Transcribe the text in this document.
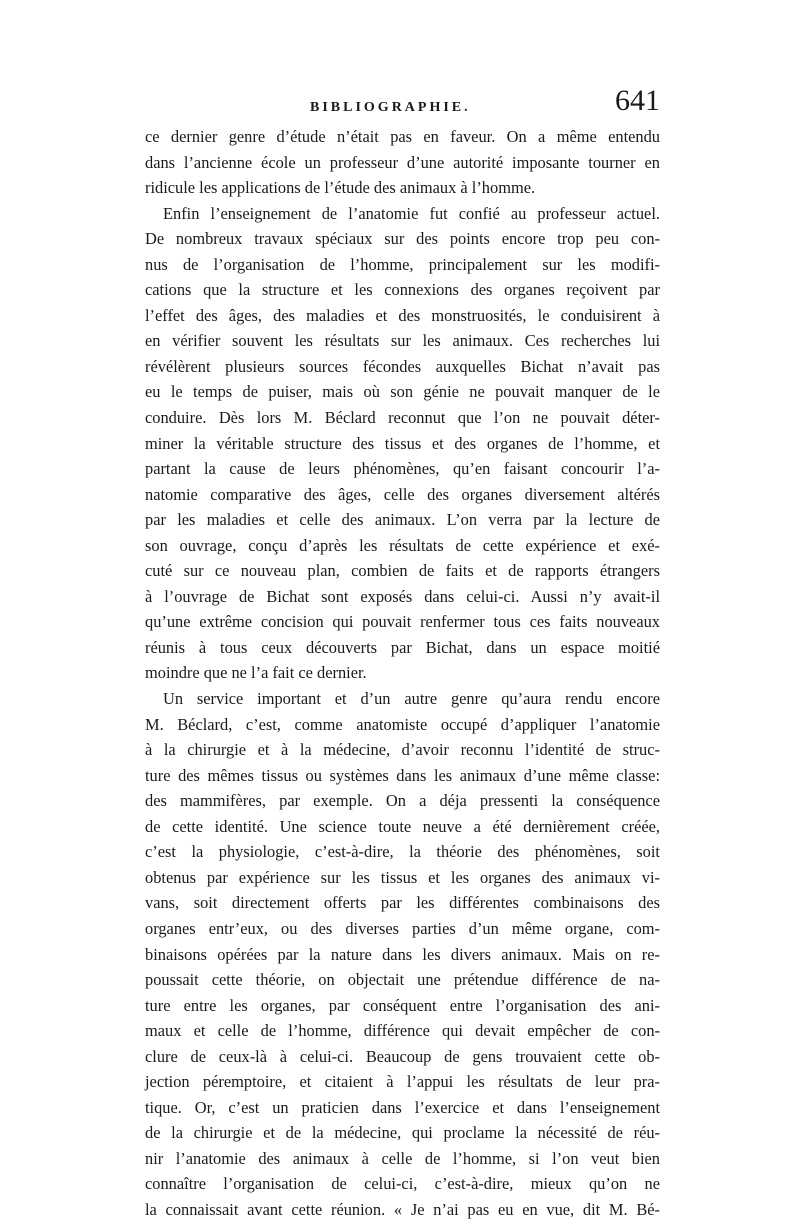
BIBLIOGRAPHIE.	641
ce dernier genre d’étude n’était pas en faveur. On a même entendu
dans l’ancienne école un professeur d’une autorité imposante tourner en
ridicule les applications de l’étude des animaux à l’homme.
Enfin l’enseignement de l’anatomie fut confié au professeur actuel.
De nombreux travaux spéciaux sur des points encore trop peu con-
nus de l’organisation de l’homme, principalement sur les modifi-
cations que la structure et les connexions des organes reçoivent par
l’effet des âges, des maladies et des monstruosités, le conduisirent à
en vérifier souvent les résultats sur les animaux. Ces recherches lui
révélèrent plusieurs sources fécondes auxquelles Bichat n’avait pas
eu le temps de puiser, mais où son génie ne pouvait manquer de le
conduire. Dès lors M. Béclard reconnut que l’on ne pouvait déter-
miner la véritable structure des tissus et des organes de l’homme, et
partant la cause de leurs phénomènes, qu’en faisant concourir l’a-
natomie comparative des âges, celle des organes diversement altérés
par les maladies et celle des animaux. L’on verra par la lecture de
son ouvrage, conçu d’après les résultats de cette expérience et exé-
cuté sur ce nouveau plan, combien de faits et de rapports étrangers
à l’ouvrage de Bichat sont exposés dans celui-ci. Aussi n’y avait-il
qu’une extrême concision qui pouvait renfermer tous ces faits nouveaux
réunis à tous ceux découverts par Bichat, dans un espace moitié
moindre que ne l’a fait ce dernier.
Un service important et d’un autre genre qu’aura rendu encore
M. Béclard, c’est, comme anatomiste occupé d’appliquer l’anatomie
à la chirurgie et à la médecine, d’avoir reconnu l’identité de struc-
ture des mêmes tissus ou systèmes dans les animaux d’une même classe:
des mammifères, par exemple. On a déja pressenti la conséquence
de cette identité. Une science toute neuve a été dernièrement créée,
c’est la physiologie, c’est-à-dire, la théorie des phénomènes, soit
obtenus par expérience sur les tissus et les organes des animaux vi-
vans, soit directement offerts par les différentes combinaisons des
organes entr’eux, ou des diverses parties d’un même organe, com-
binaisons opérées par la nature dans les divers animaux. Mais on re-
poussait cette théorie, on objectait une prétendue différence de na-
ture entre les organes, par conséquent entre l’organisation des ani-
maux et celle de l’homme, différence qui devait empêcher de con-
clure de ceux-là à celui-ci. Beaucoup de gens trouvaient cette ob-
jection péremptoire, et citaient à l’appui les résultats de leur pra-
tique. Or, c’est un praticien dans l’exercice et dans l’enseignement
de la chirurgie et de la médecine, qui proclame la nécessité de réu-
nir l’anatomie des animaux à celle de l’homme, si l’on veut bien
connaître l’organisation de celui-ci, c’est-à-dire, mieux qu’on ne
la connaissait avant cette réunion. « Je n’ai pas eu en vue, dit M. Bé-
